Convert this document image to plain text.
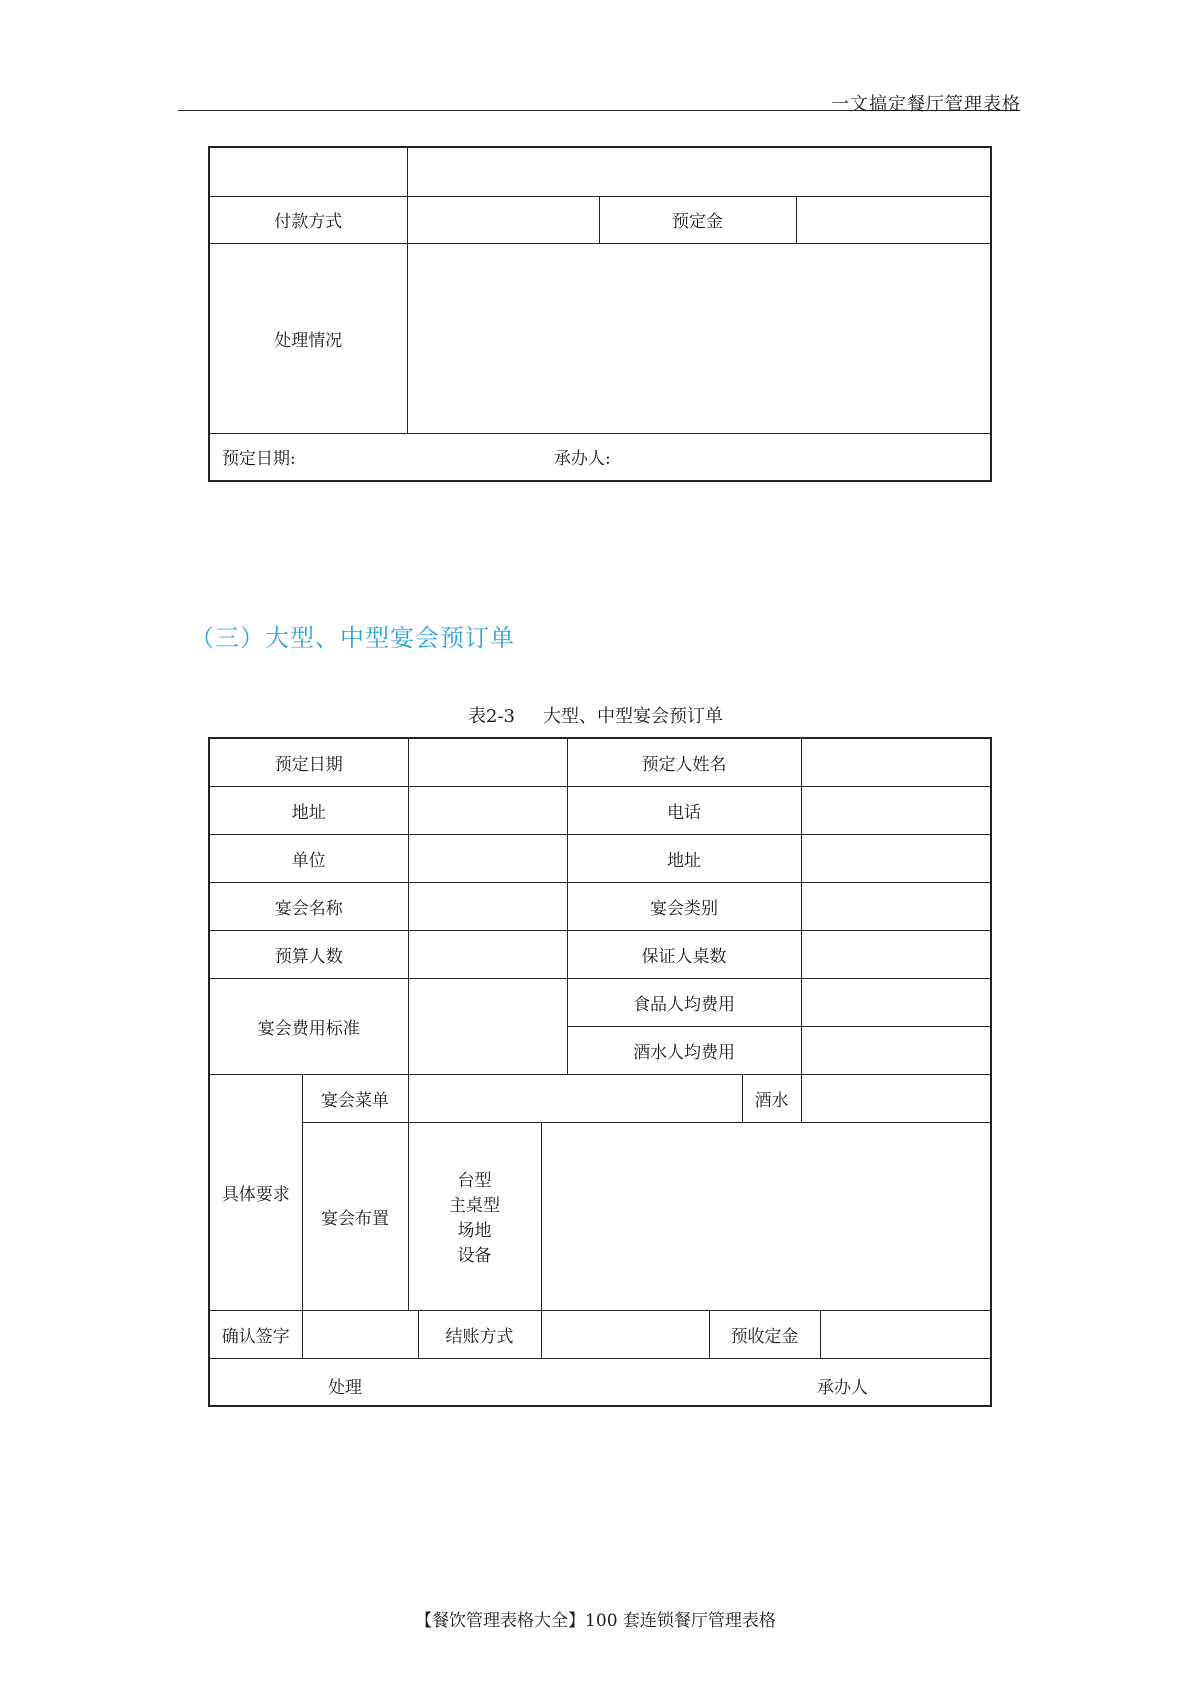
一文搞定餐厅管理表格

付款方式		预定金	
处理情况			
预定日期: 承办人:			
（三）大型、中型宴会预订单
表2-3 大型、中型宴会预订单
预定日期					预定人姓名				
地址					电话				
单位					地址				
宴会名称					宴会类别				
预算人数					保证人桌数				
宴会费用标准					食品人均费用				
					酒水人均费用				
具体要求	宴会菜单						酒水		
	宴会布置	台型
主桌型
场地
设备							

确认签字			结账方式			预收定金			

处理 承办人									
【餐饮管理表格大全】100 套连锁餐厅管理表格
